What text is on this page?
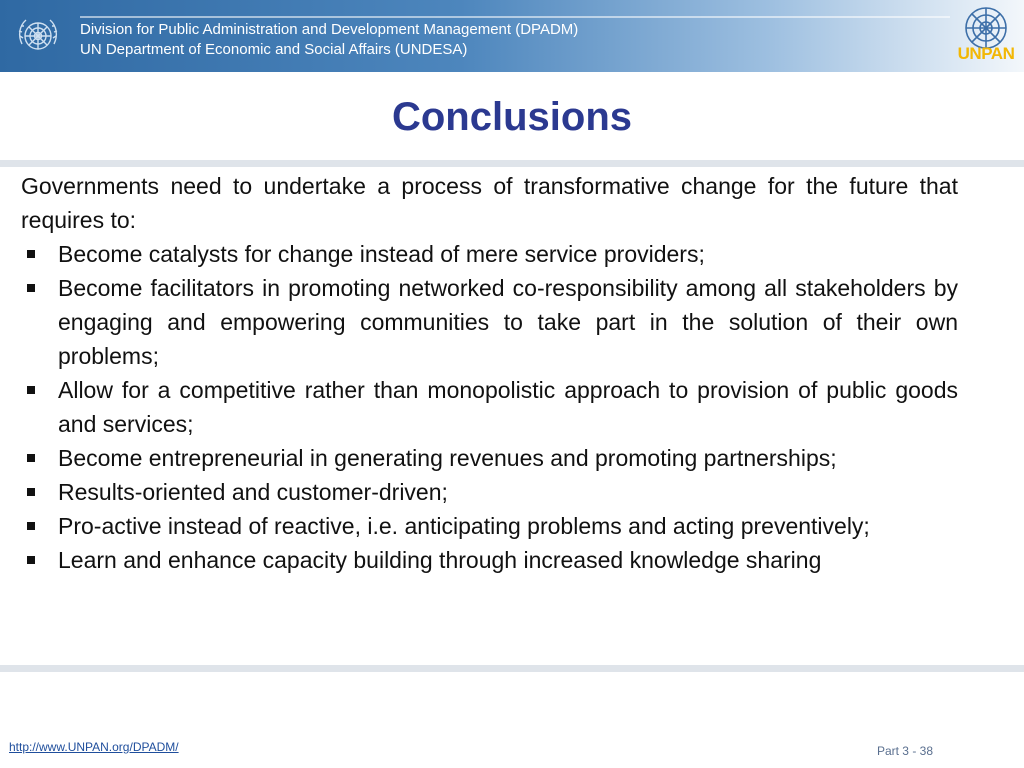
Division for Public Administration and Development Management (DPADM)
UN Department of Economic and Social Affairs (UNDESA)	UNPAN
Conclusions

Governments need to undertake a process of transformative change for the future that requires to:

Become catalysts for change instead of mere service providers;
Become facilitators in promoting networked co-responsibility among all stakeholders by engaging and empowering communities to take part in the solution of their own problems;
Allow for a competitive rather than monopolistic approach to provision of public goods and services;
Become entrepreneurial in generating revenues and promoting partnerships;
Results-oriented and customer-driven;
Pro-active instead of reactive, i.e. anticipating problems and acting preventively;
Learn and enhance capacity building through increased knowledge sharing
http://www.UNPAN.org/DPADM/	Part 3 - 38
